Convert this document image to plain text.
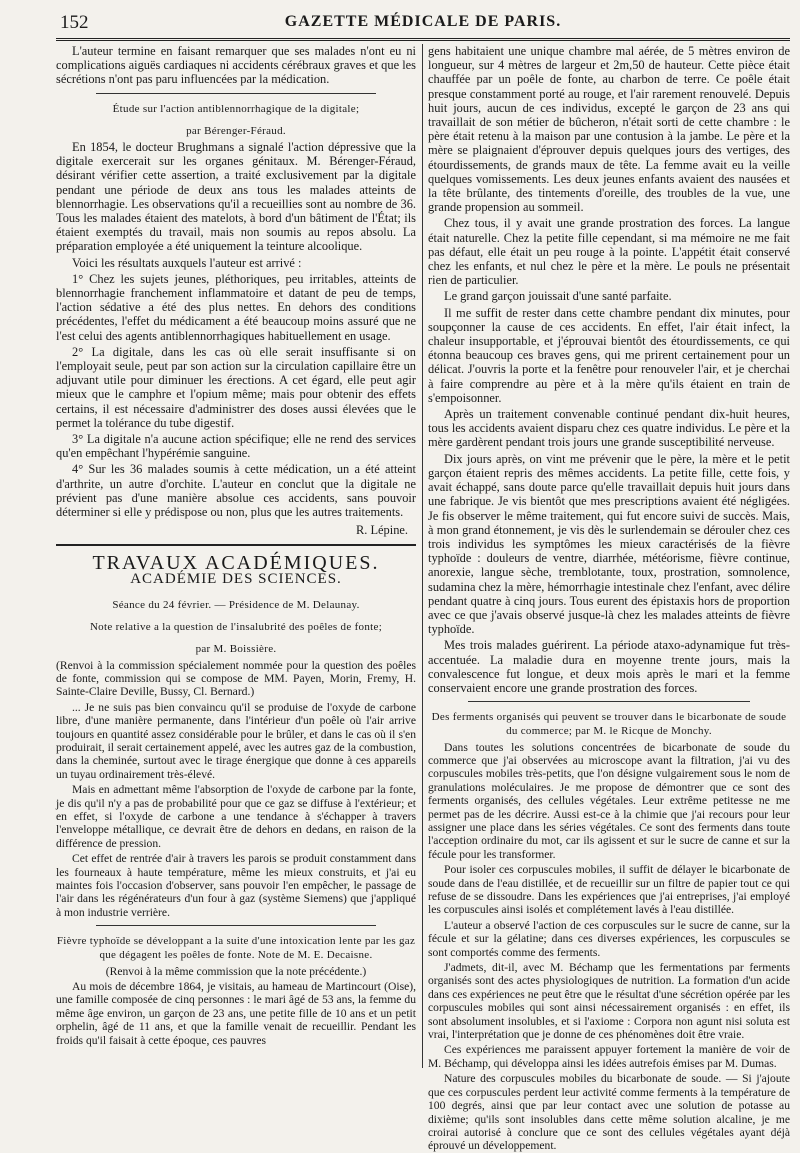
152	GAZETTE MÉDICALE DE PARIS.

L'auteur termine en faisant remarquer que ses malades n'ont eu ni complications aiguës cardiaques ni accidents cérébraux graves et que les sécrétions n'ont pas paru influencées par la médication.

Étude sur l'action antiblennorrhagique de la digitale;
par Bérenger-Féraud.

En 1854, le docteur Brughmans a signalé l'action dépressive que la digitale exercerait sur les organes génitaux. M. Bérenger-Féraud, désirant vérifier cette assertion, a traité exclusivement par la digitale pendant une période de deux ans tous les malades atteints de blennorrhagie. Les observations qu'il a recueillies sont au nombre de 36. Tous les malades étaient des matelots, à bord d'un bâtiment de l'État; ils étaient exemptés du travail, mais non soumis au repos absolu. La préparation employée a été uniquement la teinture alcoolique.

Voici les résultats auxquels l'auteur est arrivé :

1° Chez les sujets jeunes, pléthoriques, peu irritables, atteints de blennorrhagie franchement inflammatoire et datant de peu de temps, l'action sédative a été des plus nettes. En dehors des conditions précédentes, l'effet du médicament a été beaucoup moins assuré que ne l'est celui des agents antiblennorrhagiques habituellement en usage.

2° La digitale, dans les cas où elle serait insuffisante si on l'employait seule, peut par son action sur la circulation capillaire être un adjuvant utile pour diminuer les érections. A cet égard, elle peut agir mieux que le camphre et l'opium même; mais pour obtenir des effets certains, il est nécessaire d'administrer des doses aussi élevées que le permet la tolérance du tube digestif.

3° La digitale n'a aucune action spécifique; elle ne rend des services qu'en empêchant l'hypérémie sanguine.

4° Sur les 36 malades soumis à cette médication, un a été atteint d'arthrite, un autre d'orchite. L'auteur en conclut que la digitale ne prévient pas d'une manière absolue ces accidents, sans pouvoir déterminer si elle y prédispose ou non, plus que les autres traitements.

R. Lépine.
TRAVAUX ACADÉMIQUES.
ACADÉMIE DES SCIENCES.
Séance du 24 février. — Présidence de M. Delaunay.
Note relative a la question de l'insalubrité des poêles de fonte;
par M. Boissière.

(Renvoi à la commission spécialement nommée pour la question des poêles de fonte, commission qui se compose de MM. Payen, Morin, Fremy, H. Sainte-Claire Deville, Bussy, Cl. Bernard.)

... Je ne suis pas bien convaincu qu'il se produise de l'oxyde de carbone libre, d'une manière permanente, dans l'intérieur d'un poêle où l'air arrive toujours en quantité assez considérable pour le brûler, et dans le cas où il s'en produirait, il serait certainement appelé, avec les autres gaz de la combustion, dans la cheminée, surtout avec le tirage énergique que donne à ces appareils un tuyau ordinairement très-élevé.

Mais en admettant même l'absorption de l'oxyde de carbone par la fonte, je dis qu'il n'y a pas de probabilité pour que ce gaz se diffuse à l'extérieur; et en effet, si l'oxyde de carbone a une tendance à s'échapper à travers l'enveloppe métallique, ce devrait être de dehors en dedans, en raison de la différence de pression.

Cet effet de rentrée d'air à travers les parois se produit constamment dans les fourneaux à haute température, même les mieux construits, et j'ai eu maintes fois l'occasion d'observer, sans pouvoir l'en empêcher, le passage de l'air dans les régénérateurs d'un four à gaz (système Siemens) que j'appliqué à mon industrie verrière.

Fièvre typhoïde se développant a la suite d'une intoxication lente par les gaz que dégagent les poêles de fonte. Note de M. E. Decaisne.

(Renvoi à la même commission que la note précédente.)

Au mois de décembre 1864, je visitais, au hameau de Martincourt (Oise), une famille composée de cinq personnes : le mari âgé de 53 ans, la femme du même âge environ, un garçon de 23 ans, une petite fille de 10 ans et un petit orphelin, âgé de 11 ans, et que la famille venait de recueillir. Pendant les froids qu'il faisait à cette époque, ces pauvres

gens habitaient une unique chambre mal aérée, de 5 mètres environ de longueur, sur 4 mètres de largeur et 2m,50 de hauteur. Cette pièce était chauffée par un poêle de fonte, au charbon de terre. Ce poêle était presque constamment porté au rouge, et l'air rarement renouvelé. Depuis huit jours, aucun de ces individus, excepté le garçon de 23 ans qui travaillait de son métier de bûcheron, n'était sorti de cette chambre : le père était retenu à la maison par une contusion à la jambe. Le père et la mère se plaignaient d'éprouver depuis quelques jours des vertiges, des étourdissements, de grands maux de tête. La femme avait eu la veille quelques vomissements. Les deux jeunes enfants avaient des nausées et la tête brûlante, des tintements d'oreille, des troubles de la vue, une grande propension au sommeil.

Chez tous, il y avait une grande prostration des forces. La langue était naturelle. Chez la petite fille cependant, si ma mémoire ne me fait pas défaut, elle était un peu rouge à la pointe. L'appétit était conservé chez les enfants, et nul chez le père et la mère. Le pouls ne présentait rien de particulier.

Le grand garçon jouissait d'une santé parfaite.

Il me suffit de rester dans cette chambre pendant dix minutes, pour soupçonner la cause de ces accidents. En effet, l'air était infect, la chaleur insupportable, et j'éprouvai bientôt des étourdissements, ce qui étonna beaucoup ces braves gens, qui me prirent certainement pour un délicat. J'ouvris la porte et la fenêtre pour renouveler l'air, et je cherchai à faire comprendre au père et à la mère qu'ils étaient en train de s'empoisonner.

Après un traitement convenable continué pendant dix-huit heures, tous les accidents avaient disparu chez ces quatre individus. Le père et la mère gardèrent pendant trois jours une grande susceptibilité nerveuse.

Dix jours après, on vint me prévenir que le père, la mère et le petit garçon étaient repris des mêmes accidents. La petite fille, cette fois, y avait échappé, sans doute parce qu'elle travaillait depuis huit jours dans une fabrique. Je vis bientôt que mes prescriptions avaient été négligées. Je fis observer le même traitement, qui fut encore suivi de succès. Mais, à mon grand étonnement, je vis dès le surlendemain se dérouler chez ces trois individus les symptômes les mieux caractérisés de la fièvre typhoïde : douleurs de ventre, diarrhée, météorisme, fièvre continue, anorexie, langue sèche, tremblotante, toux, prostration, somnolence, sudamina chez la mère, hémorrhagie intestinale chez l'enfant, avec délire pendant quatre à cinq jours. Tous eurent des épistaxis hors de proportion avec ce que j'avais observé jusque-là chez les malades atteints de fièvre typhoïde.

Mes trois malades guérirent. La période ataxo-adynamique fut très-accentuée. La maladie dura en moyenne trente jours, mais la convalescence fut longue, et deux mois après le mari et la femme conservaient encore une grande prostration des forces.

Des ferments organisés qui peuvent se trouver dans le bicarbonate de soude du commerce; par M. le Ricque de Monchy.

Dans toutes les solutions concentrées de bicarbonate de soude du commerce que j'ai observées au microscope avant la filtration, j'ai vu des corpuscules mobiles très-petits, que l'on désigne vulgairement sous le nom de granulations moléculaires. Je me propose de démontrer que ce sont des ferments organisés, des cellules végétales. Leur extrême petitesse ne me permet pas de les décrire. Aussi est-ce à la chimie que j'ai recours pour leur assigner une place dans les séries végétales. Ce sont des ferments dans toute l'acception ordinaire du mot, car ils agissent et sur le sucre de canne et sur la fécule pour les transformer.

Pour isoler ces corpuscules mobiles, il suffit de délayer le bicarbonate de soude dans de l'eau distillée, et de recueillir sur un filtre de papier tout ce qui refuse de se dissoudre. Dans les expériences que j'ai entreprises, j'ai employé les corpuscules ainsi isolés et complétement lavés à l'eau distillée.

L'auteur a observé l'action de ces corpuscules sur le sucre de canne, sur la fécule et sur la gélatine; dans ces diverses expériences, les corpuscules se sont comportés comme des ferments.

J'admets, dit-il, avec M. Béchamp que les fermentations par ferments organisés sont des actes physiologiques de nutrition. La formation d'un acide dans ces expériences ne peut être que le résultat d'une sécrétion opérée par les corpuscules mobiles qui sont ainsi nécessairement organisés : en effet, ils sont absolument insolubles, et si l'axiome : Corpora non agunt nisi soluta est vrai, l'interprétation que je donne de ces phénomènes doit être vraie.

Ces expériences me paraissent appuyer fortement la manière de voir de M. Béchamp, qui développa ainsi les idées autrefois émises par M. Dumas.

Nature des corpuscules mobiles du bicarbonate de soude. — Si j'ajoute que ces corpuscules perdent leur activité comme ferments à la température de 100 degrés, ainsi que par leur contact avec une solution de potasse au dixième; qu'ils sont insolubles dans cette même solution alcaline, je me croirai autorisé à conclure que ce sont des cellules végétales ayant déjà éprouvé un développement.
